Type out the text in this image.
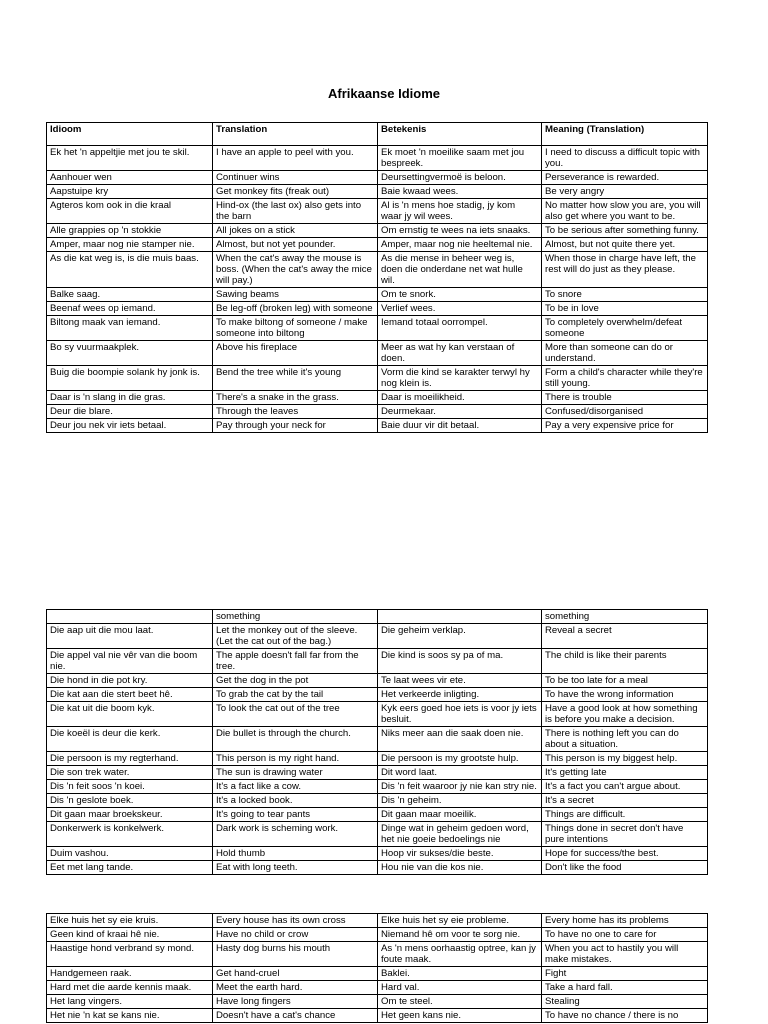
Afrikaanse Idiome
Idioom	Translation	Betekenis	Meaning (Translation)
Ek het 'n appeltjie met jou te skil.	I have an apple to peel with you.	Ek moet 'n moeilike saam met jou bespreek.	I need to discuss a difficult topic with you.
Aanhouer wen	Continuer wins	Deursettingvermoë is beloon.	Perseverance is rewarded.
Aapstuipe kry	Get monkey fits (freak out)	Baie kwaad wees.	Be very angry
Agteros kom ook in die kraal	Hind-ox (the last ox) also gets into the barn	Al is 'n mens hoe stadig, jy kom waar jy wil wees.	No matter how slow you are, you will also get where you want to be.
Alle grappies op 'n stokkie	All jokes on a stick	Om ernstig te wees na iets snaaks.	To be serious after something funny.
Amper, maar nog nie stamper nie.	Almost, but not yet pounder.	Amper, maar nog nie heeltemal nie.	Almost, but not quite there yet.
As die kat weg is, is die muis baas.	When the cat's away the mouse is boss. (When the cat's away the mice will pay.)	As die mense in beheer weg is, doen die onderdane net wat hulle wil.	When those in charge have left, the rest will do just as they please.
Balke saag.	Sawing beams	Om te snork.	To snore
Beenaf wees op iemand.	Be leg-off (broken leg) with someone	Verlief wees.	To be in love
Biltong maak van iemand.	To make biltong of someone / make someone into biltong	Iemand totaal oorrompel.	To completely overwhelm/defeat someone
Bo sy vuurmaakplek.	Above his fireplace	Meer as wat hy kan verstaan of doen.	More than someone can do or understand.
Buig die boompie solank hy jonk is.	Bend the tree while it's young	Vorm die kind se karakter terwyl hy nog klein is.	Form a child's character while they're still young.
Daar is 'n slang in die gras.	There's a snake in the grass.	Daar is moeilikheid.	There is trouble
Deur die blare.	Through the leaves	Deurmekaar.	Confused/disorganised
Deur jou nek vir iets betaal.	Pay through your neck for	Baie duur vir dit betaal.	Pay a very expensive price for
	something		something
Die aap uit die mou laat.	Let the monkey out of the sleeve. (Let the cat out of the bag.)	Die geheim verklap.	Reveal a secret
Die appel val nie vêr van die boom nie.	The apple doesn't fall far from the tree.	Die kind is soos sy pa of ma.	The child is like their parents
Die hond in die pot kry.	Get the dog in the pot	Te laat wees vir ete.	To be too late for a meal
Die kat aan die stert beet hê.	To grab the cat by the tail	Het verkeerde inligting.	To have the wrong information
Die kat uit die boom kyk.	To look the cat out of the tree	Kyk eers goed hoe iets is voor jy iets besluit.	Have a good look at how something is before you make a decision.
Die koeël is deur die kerk.	Die bullet is through the church.	Niks meer aan die saak doen nie.	There is nothing left you can do about a situation.
Die persoon is my regterhand.	This person is my right hand.	Die persoon is my grootste hulp.	This person is my biggest help.
Die son trek water.	The sun is drawing water	Dit word laat.	It's getting late
Dis 'n feit soos 'n koei.	It's a fact like a cow.	Dis 'n feit waaroor jy nie kan stry nie.	It's a fact you can't argue about.
Dis 'n geslote boek.	It's a locked book.	Dis 'n geheim.	It's a secret
Dit gaan maar broekskeur.	It's going to tear pants	Dit gaan maar moeilik.	Things are difficult.
Donkerwerk is konkelwerk.	Dark work is scheming work.	Dinge wat in geheim gedoen word, het nie goeie bedoelings nie	Things done in secret don't have pure intentions
Duim vashou.	Hold thumb	Hoop vir sukses/die beste.	Hope for success/the best.
Eet met lang tande.	Eat with long teeth.	Hou nie van die kos nie.	Don't like the food
Elke huis het sy eie kruis.	Every house has its own cross	Elke huis het sy eie probleme.	Every home has its problems
Geen kind of kraai hê nie.	Have no child or crow	Niemand hê om voor te sorg nie.	To have no one to care for
Haastige hond verbrand sy mond.	Hasty dog burns his mouth	As 'n mens oorhaastig optree, kan jy foute maak.	When you act to hastily you will make mistakes.
Handgemeen raak.	Get hand-cruel	Baklei.	Fight
Hard met die aarde kennis maak.	Meet the earth hard.	Hard val.	Take a hard fall.
Het lang vingers.	Have long fingers	Om te steel.	Stealing
Het nie 'n kat se kans nie.	Doesn't have a cat's chance	Het geen kans nie.	To have no chance / there is no
